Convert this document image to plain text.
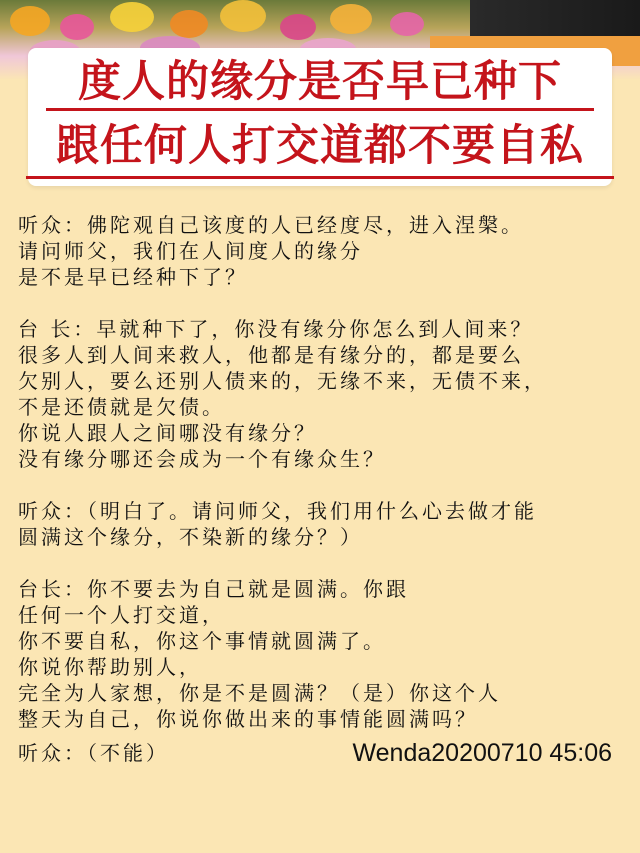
度人的缘分是否早已种下
跟任何人打交道都不要自私
听众：佛陀观自己该度的人已经度尽，进入涅槃。
请问师父，我们在人间度人的缘分
是不是早已经种下了？
台 长：早就种下了，你没有缘分你怎么到人间来？
很多人到人间来救人，他都是有缘分的，都是要么
欠别人，要么还别人债来的，无缘不来，无债不来，
不是还债就是欠债。
你说人跟人之间哪没有缘分？
没有缘分哪还会成为一个有缘众生？
听众：（明白了。请问师父，我们用什么心去做才能
圆满这个缘分，不染新的缘分？）
台长：你不要去为自己就是圆满。你跟
任何一个人打交道，
你不要自私，你这个事情就圆满了。
你说你帮助别人，
完全为人家想，你是不是圆满？（是）你这个人
整天为自己，你说你做出来的事情能圆满吗？
听众：（不能）	Wenda20200710 45:06
